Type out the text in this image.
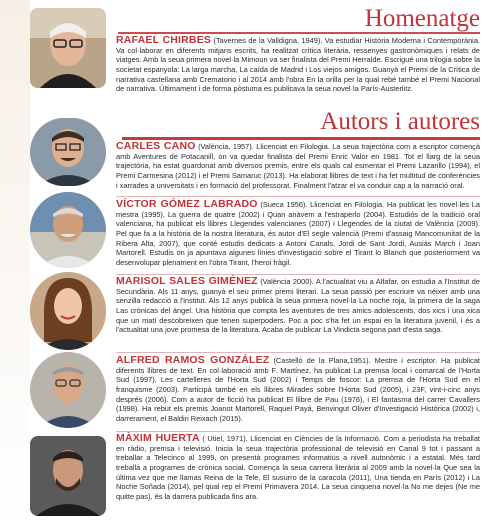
Homenatge
RAFAEL CHIRBES (Tavernes de la Valldigna, 1949). Va estudiar Història Moderna i Contemporània. Va col·laborar en diferents mitjans escrits, ha realitzat crítica literària, ressenyes gastronòmiques i relats de viatges. Amb la seua primera novel·la Mimoun va ser finalista del Premi Herralde. Escrigué una trilogia sobre la societat espanyola: La larga marcha, La caída de Madrid i Los viejos amigos. Guanyà el Premi de la Crítica de narrativa castellana amb Crematorio i al 2014 amb l'obra En la orilla per la qual rebé també el Premi Nacional de narrativa. Últimament i de forma pòstuma es publicava la seua novel·la París-Austerlitz.
Autors i autores
CARLES CANO (València, 1957). Llicenciat en Filologia. La seua trajectòria com a escriptor començà amb Aventures de Potacanill, on va quedar finalista del Premi Enric Valor en 1981. Tot el llarg de la seua trajectòria, ha estat guardonat amb diversos premis, entre els quals cal esmentar el Premi Lazarillo (1994), el Premi Carmesina (2012) i el Premi Samaruc (2013). Ha elaborat llibres de text i ha fet multitud de conferències i xarrades a universitats i en formació del professorat. Finalment l'atzar el va conduir cap a la narració oral.
VÍCTOR GÓMEZ LABRADO (Sueca 1956). Llicenciat en Filologia. Ha publicat les novel·les La mestra (1995), La guerra de quatre (2002) i Quan anàvem a l'estraperlo (2004). Estudiós de la tradició oral valenciana, ha publicat els llibres Llegendes valencianes (2007) i Llegendes de la ciutat de València (2009). Pel que fa a la història de la nostra literatura, és autor d'El segle valencià (Premi d'assaig Mancomunitat de la Ribera Alta, 2007), que conté estudis dedicats a Antoni Canals, Jordi de Sant Jordi, Ausiàs March i Joan Martorell. Estudis on ja apuntava algunes línies d'investigació sobre el Tirant lo Blanch que posteriorment va desenvolupar plenament en l'obra Tirant, l'heroi fràgil.
MARISOL SALES GIMÉNEZ (València 2000). A l'actualitat viu a Alfafar, on estudia a l'Institut de Secundària. Als 11 anys, guanyà el seu primer premi literari. La seua passió per escriure va néixer amb una senzilla redacció a l'institut. Als 12 anys publicà la seua primera novel·la La noche roja, la primera de la saga Las crónicas del ángel. Una història que compta les aventures de tres amics adolescents, dos xics i una xica que un matí descobreixen que tenen superpoders. Poc a poc s'ha fet un espai en la literatura juvenil, i és a l'actualitat una jove promesa de la literatura. Acaba de publicar La Vindicta segona part d'esta saga.
ALFRED RAMOS GONZÁLEZ (Castelló de la Plana,1951). Mestre i escriptor. Ha publicat diferents llibres de text. En col·laboració amb F. Martínez, ha publicat La premsa local i comarcal de l'Horta Sud (1997), Les cartelleres de l'Horta Sud (2002) i Temps de foscor: La premsa de l'Horta Sud en el franquisme (2003). Participà també en els llibres Mirades sobre l'Horta Sud (2005), i 23F, vint-i-cinc anys després (2006). Com a autor de ficció ha publicat El llibre de Pau (1976), i El fantasma del carrer Cavallers (1998). Ha rebut els premis Joanot Martorell, Raquel Payà, Benvingut Oliver d'Investigació Històrica (2002) i, darrerament, el Baldiri Reixach (2015).
MÀXIM HUERTA ( Utiel, 1971). Llicenciat en Ciències de la Informació. Com a periodista ha treballat en ràdio, premsa i televisió. Inicia la seua trajectòria professional de televisió en Canal 9 tot i passant a treballar a Telecinco al 1999, on presentà programes informatius a nivell autonòmic i a estatal. Més tard treballà a programes de crònica social. Comença la seua carrera literària al 2009 amb la novel·la Que sea la última vez que me llamas Reina de la Tele, El susurro de la caracola (2011), Una tienda en París (2012) i La Noche Soñada (2014), pel qual rep el Premi Primavera 2014. La seua cinquena novel·la No me dejes (Ne me quitte pas), és la darrera publicada fins ara.
